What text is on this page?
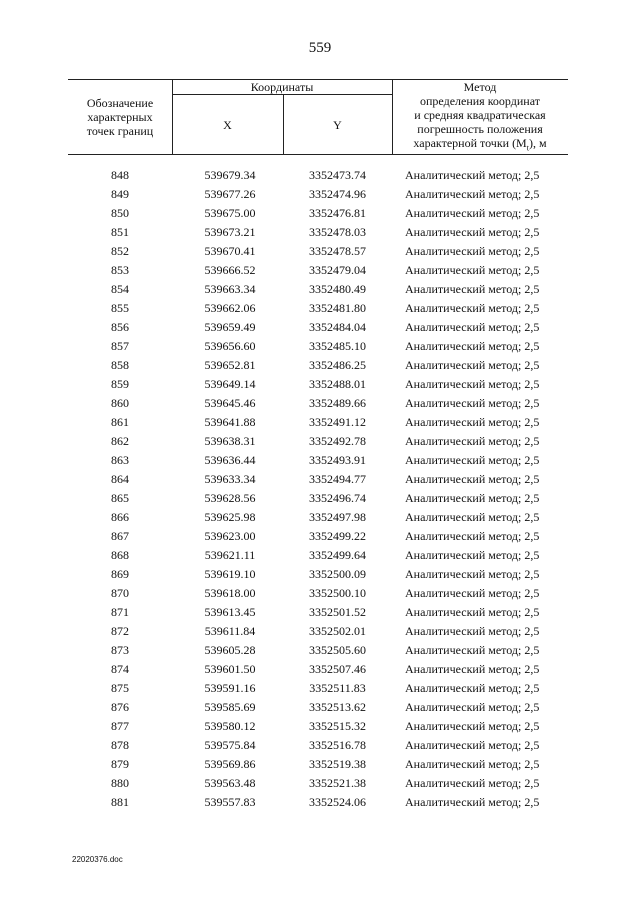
559
Обозначение
характерных
точек границ
Координаты
X	Y
Метод
определения координат
и средняя квадратическая
погрешность положения
характерной точки $(M_t)$, м
848	539679.34	3352473.74	Аналитический метод; 2,5
849	539677.26	3352474.96	Аналитический метод; 2,5
850	539675.00	3352476.81	Аналитический метод; 2,5
851	539673.21	3352478.03	Аналитический метод; 2,5
852	539670.41	3352478.57	Аналитический метод; 2,5
853	539666.52	3352479.04	Аналитический метод; 2,5
854	539663.34	3352480.49	Аналитический метод; 2,5
855	539662.06	3352481.80	Аналитический метод; 2,5
856	539659.49	3352484.04	Аналитический метод; 2,5
857	539656.60	3352485.10	Аналитический метод; 2,5
858	539652.81	3352486.25	Аналитический метод; 2,5
859	539649.14	3352488.01	Аналитический метод; 2,5
860	539645.46	3352489.66	Аналитический метод; 2,5
861	539641.88	3352491.12	Аналитический метод; 2,5
862	539638.31	3352492.78	Аналитический метод; 2,5
863	539636.44	3352493.91	Аналитический метод; 2,5
864	539633.34	3352494.77	Аналитический метод; 2,5
865	539628.56	3352496.74	Аналитический метод; 2,5
866	539625.98	3352497.98	Аналитический метод; 2,5
867	539623.00	3352499.22	Аналитический метод; 2,5
868	539621.11	3352499.64	Аналитический метод; 2,5
869	539619.10	3352500.09	Аналитический метод; 2,5
870	539618.00	3352500.10	Аналитический метод; 2,5
871	539613.45	3352501.52	Аналитический метод; 2,5
872	539611.84	3352502.01	Аналитический метод; 2,5
873	539605.28	3352505.60	Аналитический метод; 2,5
874	539601.50	3352507.46	Аналитический метод; 2,5
875	539591.16	3352511.83	Аналитический метод; 2,5
876	539585.69	3352513.62	Аналитический метод; 2,5
877	539580.12	3352515.32	Аналитический метод; 2,5
878	539575.84	3352516.78	Аналитический метод; 2,5
879	539569.86	3352519.38	Аналитический метод; 2,5
880	539563.48	3352521.38	Аналитический метод; 2,5
881	539557.83	3352524.06	Аналитический метод; 2,5
22020376.doc
